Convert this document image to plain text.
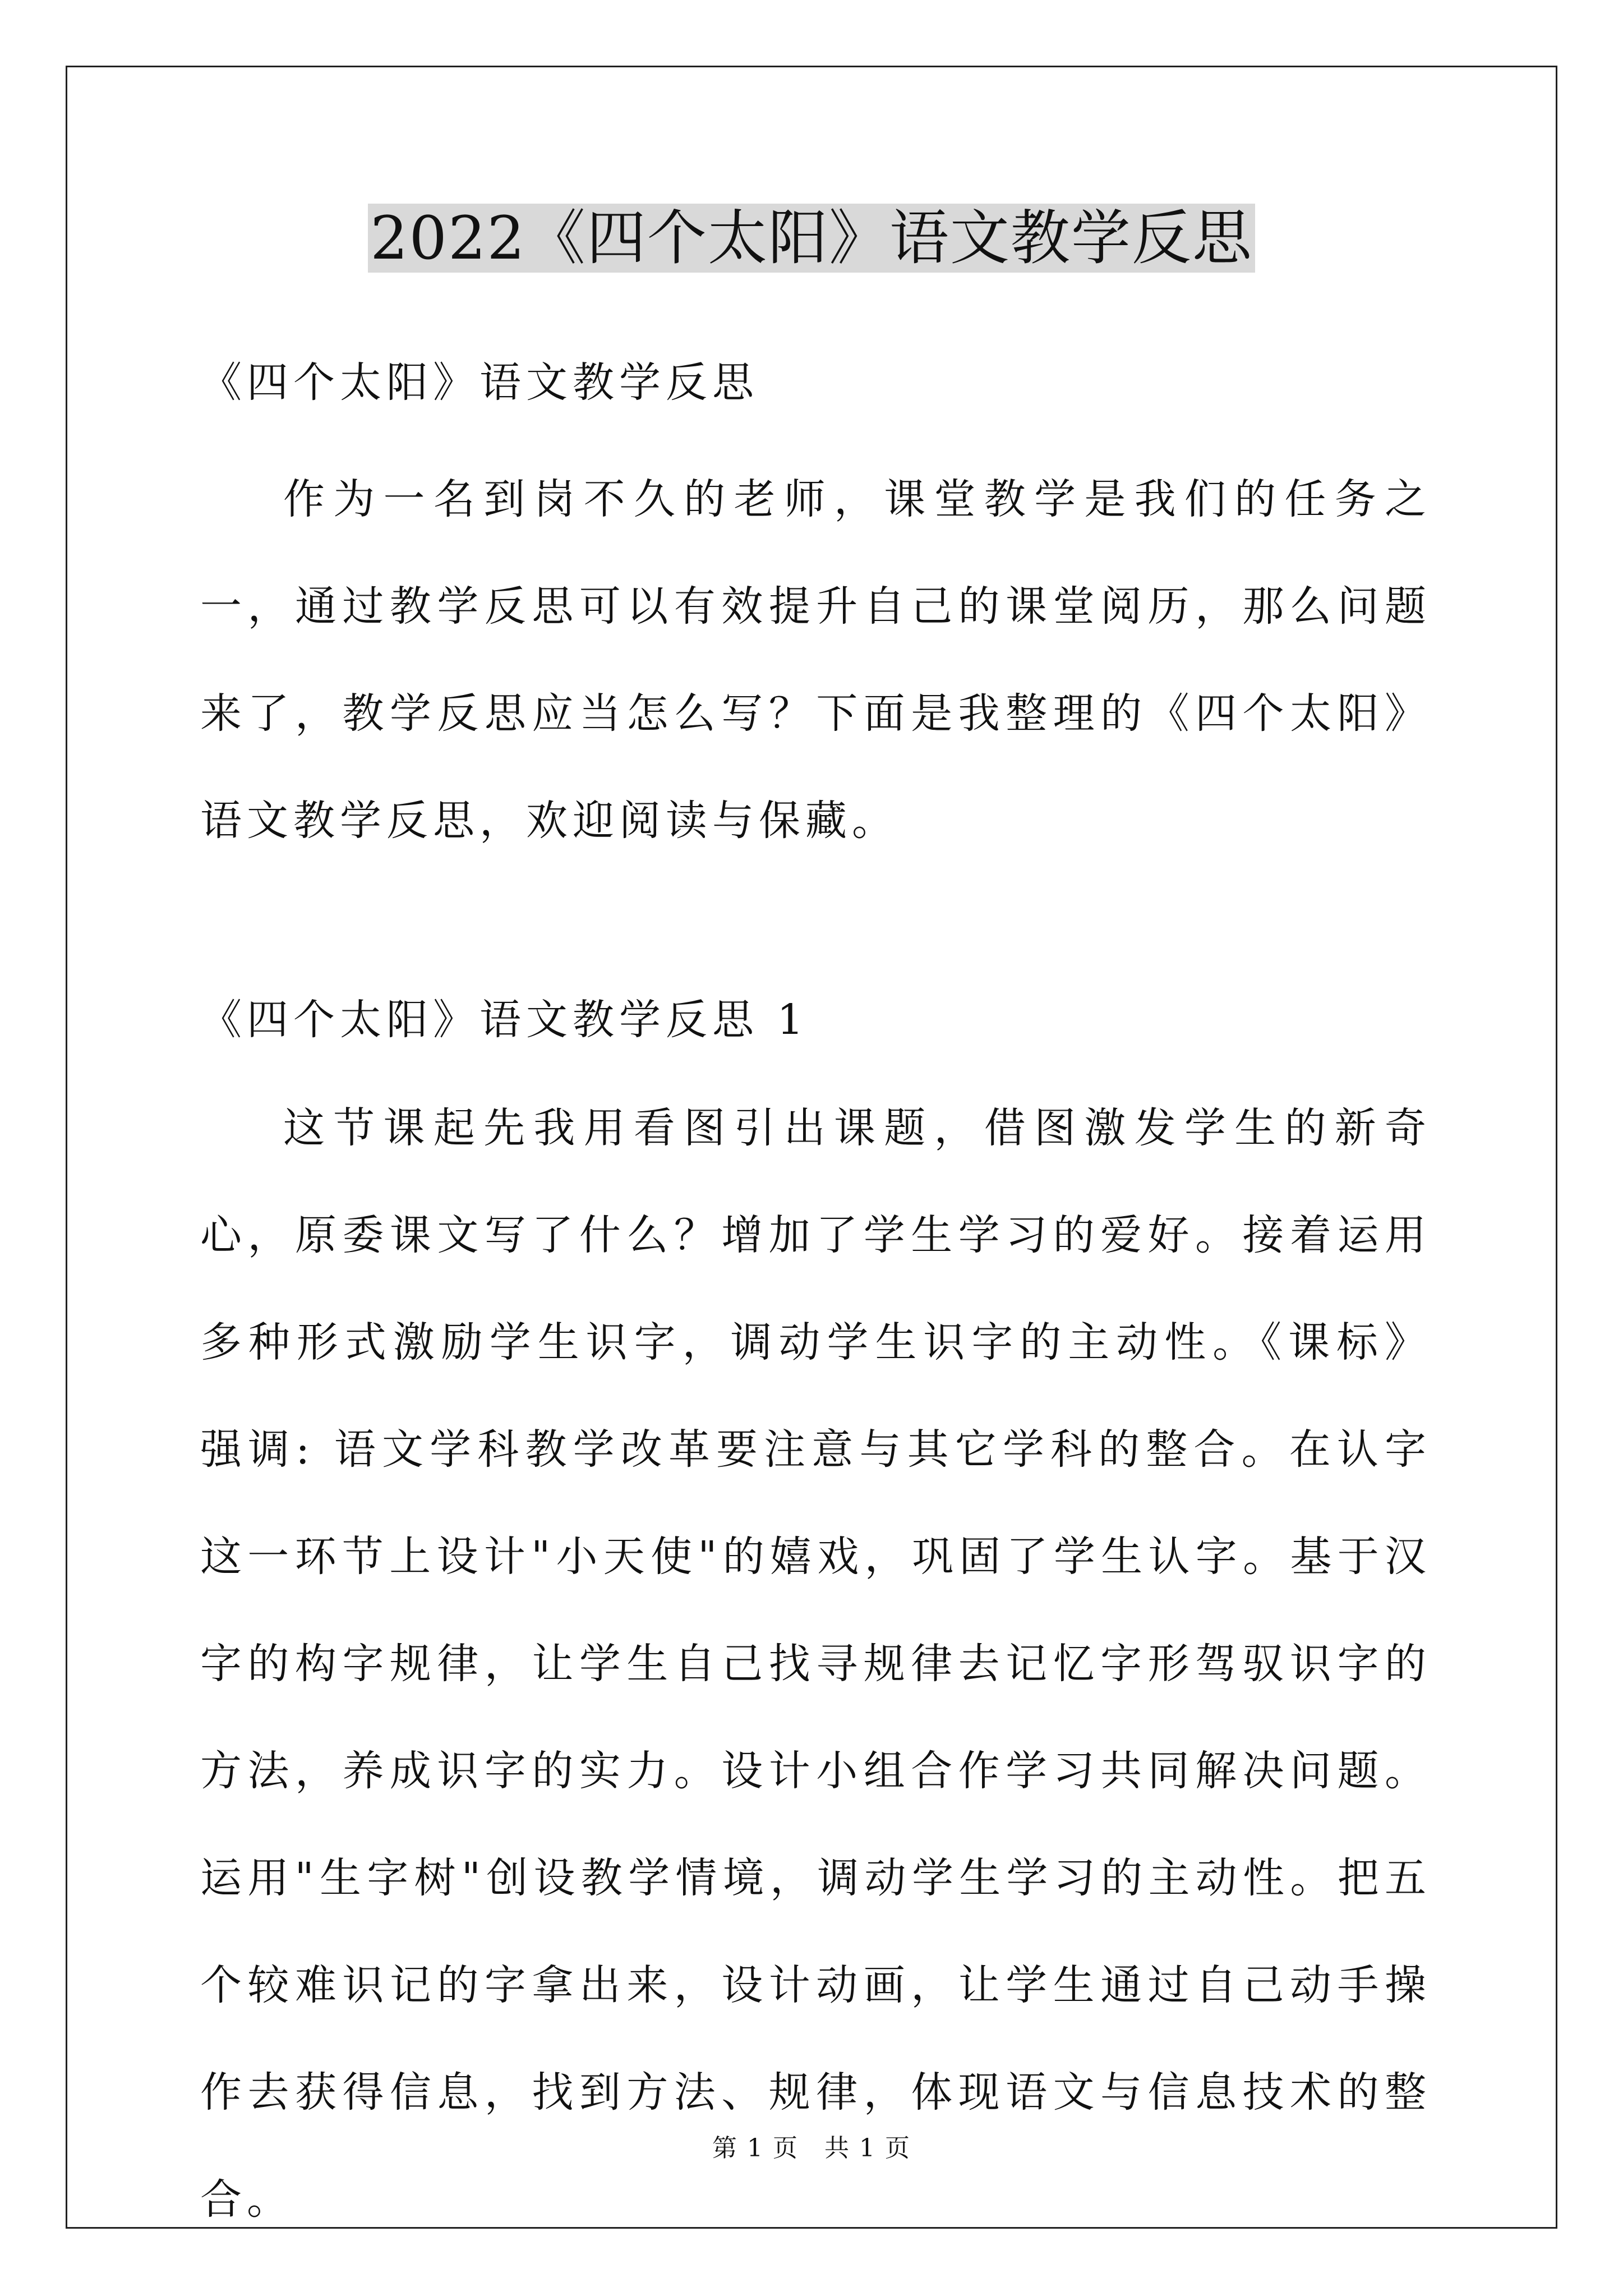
2022《四个太阳》语文教学反思
《四个太阳》语文教学反思

作为一名到岗不久的老师，课堂教学是我们的任务之一，通过教学反思可以有效提升自己的课堂阅历，那么问题来了，教学反思应当怎么写？下面是我整理的《四个太阳》语文教学反思，欢迎阅读与保藏。

《四个太阳》语文教学反思 1

这节课起先我用看图引出课题，借图激发学生的新奇心，原委课文写了什么？增加了学生学习的爱好。接着运用多种形式激励学生识字，调动学生识字的主动性。《课标》强调: 语文学科教学改革要注意与其它学科的整合。在认字这一环节上设计"小天使"的嬉戏，巩固了学生认字。基于汉字的构字规律，让学生自己找寻规律去记忆字形驾驭识字的方法，养成识字的实力。设计小组合作学习共同解决问题。运用"生字树"创设教学情境，调动学生学习的主动性。把五个较难识记的字拿出来，设计动画，让学生通过自己动手操作去获得信息，找到方法、规律，体现语文与信息技术的整合。

第 1 页　共 1 页
